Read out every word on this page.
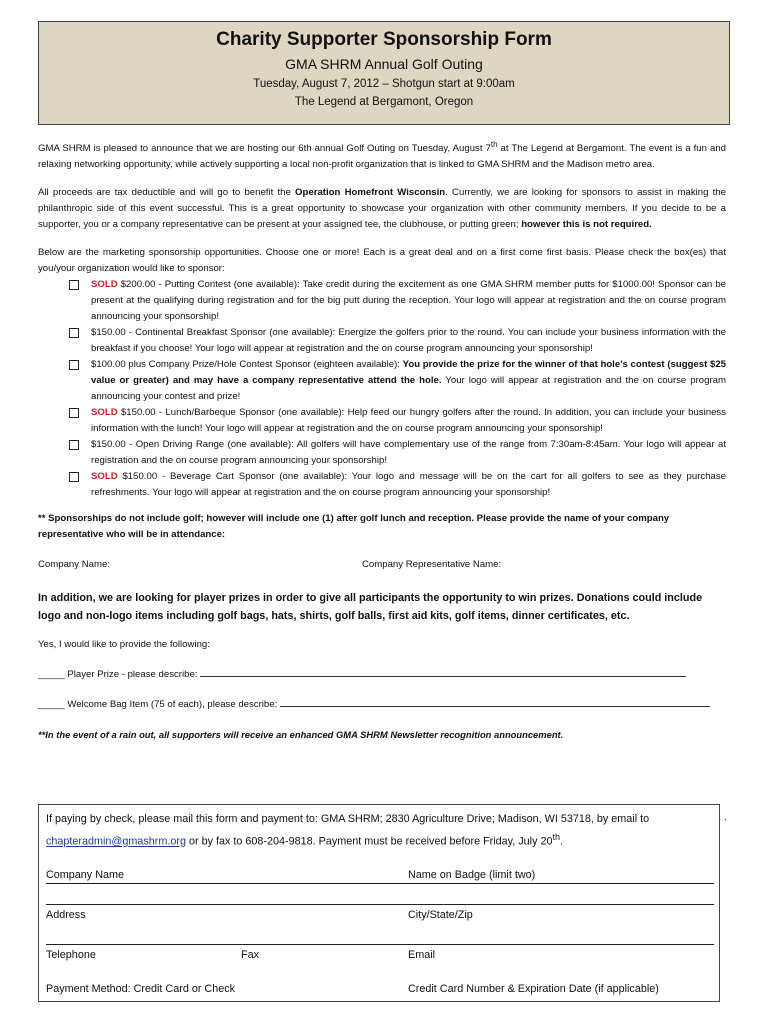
Charity Supporter Sponsorship Form
GMA SHRM Annual Golf Outing
Tuesday, August 7, 2012 – Shotgun start at 9:00am
The Legend at Bergamont, Oregon

GMA SHRM is pleased to announce that we are hosting our 6th annual Golf Outing on Tuesday, August 7th at The Legend at Bergamont. The event is a fun and relaxing networking opportunity, while actively supporting a local non-profit organization that is linked to GMA SHRM and the Madison metro area.

All proceeds are tax deductible and will go to benefit the Operation Homefront Wisconsin. Currently, we are looking for sponsors to assist in making the philanthropic side of this event successful. This is a great opportunity to showcase your organization with other community members. If you decide to be a supporter, you or a company representative can be present at your assigned tee, the clubhouse, or putting green; however this is not required.

Below are the marketing sponsorship opportunities. Choose one or more! Each is a great deal and on a first come first basis. Please check the box(es) that you/your organization would like to sponsor:

SOLD $200.00 - Putting Contest (one available): Take credit during the excitement as one GMA SHRM member putts for $1000.00! Sponsor can be present at the qualifying during registration and for the big putt during the reception. Your logo will appear at registration and the on course program announcing your sponsorship!
$150.00 - Continental Breakfast Sponsor (one available): Energize the golfers prior to the round. You can include your business information with the breakfast if you choose! Your logo will appear at registration and the on course program announcing your sponsorship!
$100.00 plus Company Prize/Hole Contest Sponsor (eighteen available): You provide the prize for the winner of that hole’s contest (suggest $25 value or greater) and may have a company representative attend the hole. Your logo will appear at registration and the on course program announcing your contest and prize!
SOLD $150.00 - Lunch/Barbeque Sponsor (one available): Help feed our hungry golfers after the round. In addition, you can include your business information with the lunch! Your logo will appear at registration and the on course program announcing your sponsorship!
$150.00 - Open Driving Range (one available): All golfers will have complementary use of the range from 7:30am-8:45am. Your logo will appear at registration and the on course program announcing your sponsorship!
SOLD $150.00 - Beverage Cart Sponsor (one available): Your logo and message will be on the cart for all golfers to see as they purchase refreshments. Your logo will appear at registration and the on course program announcing your sponsorship!
** Sponsorships do not include golf; however will include one (1) after golf lunch and reception. Please provide the name of your company representative who will be in attendance:
Company Name:	Company Representative Name:
In addition, we are looking for player prizes in order to give all participants the opportunity to win prizes. Donations could include logo and non-logo items including golf bags, hats, shirts, golf balls, first aid kits, golf items, dinner certificates, etc.
Yes, I would like to provide the following:
_____ Player Prize - please describe:
_____ Welcome Bag Item (75 of each), please describe:
**In the event of a rain out, all supporters will receive an enhanced GMA SHRM Newsletter recognition announcement.
If paying by check, please mail this form and payment to: GMA SHRM; 2830 Agriculture Drive; Madison, WI 53718, by email to
chapteradmin@gmashrm.org or by fax to 608-204-9818. Payment must be received before Friday, July 20th.
Company Name	Name on Badge (limit two)
Address	City/State/Zip
Telephone	Fax	Email
Payment Method: Credit Card or Check	Credit Card Number & Expiration Date (if applicable)
.
